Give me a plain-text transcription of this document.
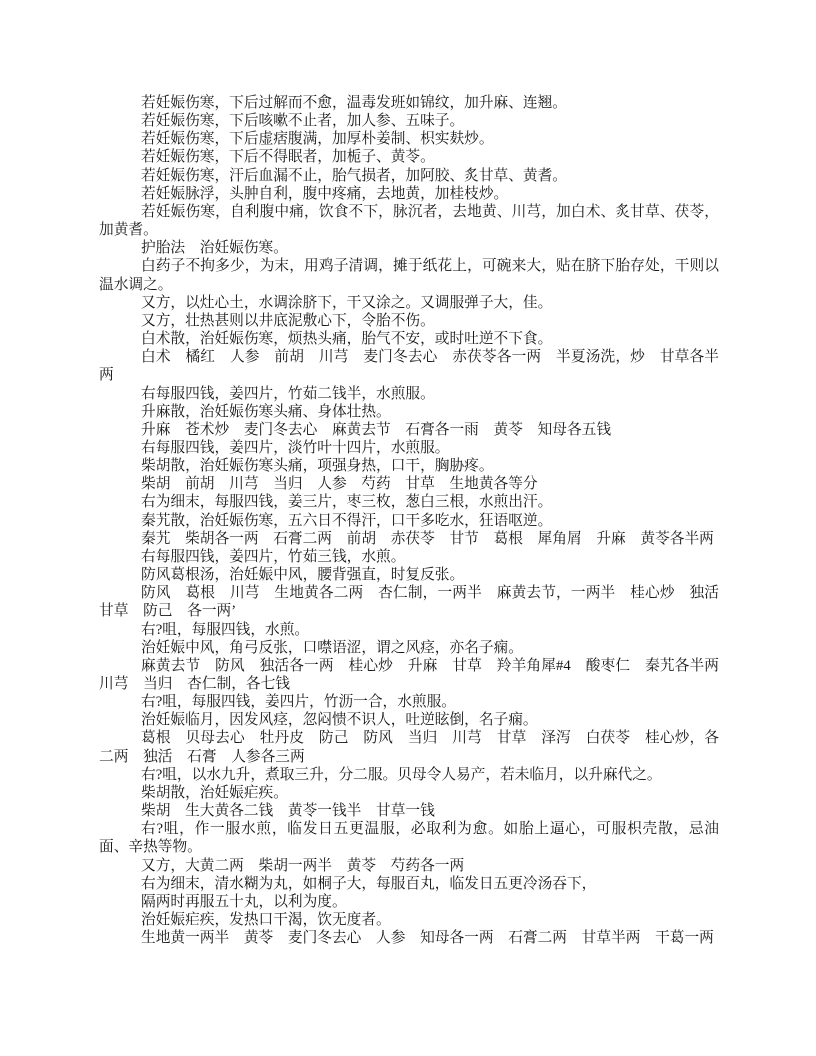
若妊娠伤寒，下后过解而不愈，温毒发班如锦纹，加升麻、连翘。

若妊娠伤寒，下后咳嗽不止者，加人参、五味子。

若妊娠伤寒，下后虚痞腹满，加厚朴姜制、枳实麸炒。

若妊娠伤寒，下后不得眠者，加栀子、黄苓。

若妊娠伤寒，汗后血漏不止，胎气损者，加阿胶、炙甘草、黄耆。

若妊娠脉浮，头肿自利，腹中疼痛，去地黄，加桂枝炒。

若妊娠伤寒，自利腹中痛，饮食不下，脉沉者，去地黄、川芎，加白术、炙甘草、茯苓，加黄耆。

护胎法　治妊娠伤寒。

白药子不拘多少，为末，用鸡子清调，摊于纸花上，可碗来大，贴在脐下胎存处，干则以温水调之。

又方，以灶心土，水调涂脐下，干又涂之。又调服弹子大，佳。

又方，壮热甚则以井底泥敷心下，令胎不伤。

白术散，治妊娠伤寒，烦热头痛，胎气不安，或时吐逆不下食。

白术　橘红　人参　前胡　川芎　麦门冬去心　赤茯苓各一两　半夏汤洗，炒　甘草各半两

右每服四钱，姜四片，竹茹二钱半，水煎服。

升麻散，治妊娠伤寒头痛、身体壮热。

升麻　苍术炒　麦门冬去心　麻黄去节　石膏各一雨　黄苓　知母各五钱

右每服四钱，姜四片，淡竹叶十四片，水煎服。

柴胡散，治妊娠伤寒头痛，项强身热，口干，胸胁疼。

柴胡　前胡　川芎　当归　人参　芍药　甘草　生地黄各等分

右为细末，每服四钱，姜三片，枣三枚，葱白三根，水煎出汗。

秦艽散，治妊娠伤寒，五六日不得汗，口干多吃水，狂语呕逆。

秦艽　柴胡各一两　石膏二两　前胡　赤茯苓　甘节　葛根　犀角屑　升麻　黄苓各半两

右每服四钱，姜四片，竹茹三钱，水煎。

防风葛根汤，治妊娠中风，腰背强直，时复反张。

防风　葛根　川芎　生地黄各二两　杏仁制，一两半　麻黄去节，一两半　桂心炒　独活　甘草　防己　各一两’

右?咀，每服四钱，水煎。

治妊娠中风，角弓反张，口噤语涩，谓之风痉，亦名子痫。

麻黄去节　防风　独活各一两　桂心炒　升麻　甘草　羚羊角犀#4　酸枣仁　秦艽各半两　川芎　当归　杏仁制，各七钱

右?咀，每服四钱，姜四片，竹沥一合，水煎服。

治妊娠临月，因发风痉，忽闷愦不识人，吐逆眩倒，名子痫。

葛根　贝母去心　牡丹皮　防己　防风　当归　川芎　甘草　泽泻　白茯苓　桂心炒，各二两　独活　石膏　人参各三两

右?咀，以水九升，煮取三升，分二服。贝母令人易产，若未临月，以升麻代之。

柴胡散，治妊娠疟疾。

柴胡　生大黄各二钱　黄苓一钱半　甘草一钱

右?咀，作一服水煎，临发日五更温服，必取利为愈。如胎上逼心，可服枳壳散，忌油面、辛热等物。

又方，大黄二两　柴胡一两半　黄苓　芍药各一两

右为细末，清水糊为丸，如桐子大，每服百丸，临发日五更冷汤吞下，

隔两时再服五十丸，以利为度。

治妊娠疟疾，发热口干渴，饮无度者。

生地黄一两半　黄苓　麦门冬去心　人参　知母各一两　石膏二两　甘草半两　干葛一两
